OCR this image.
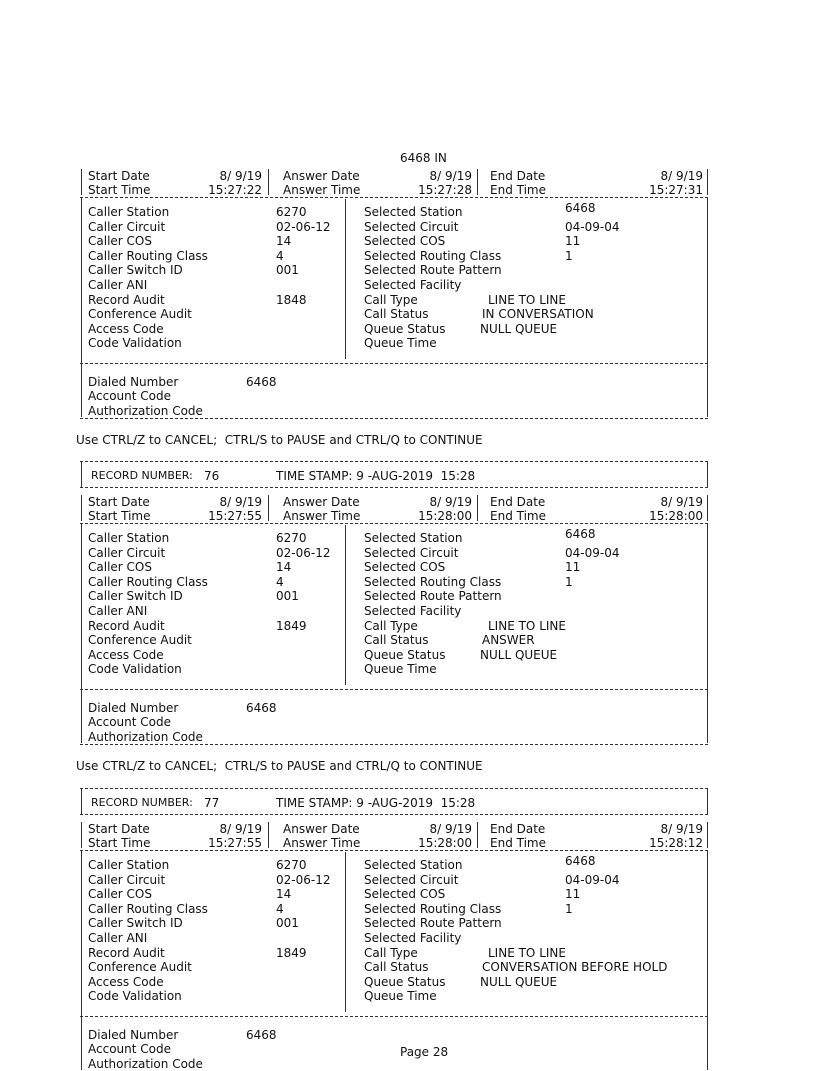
Page 28
6468 IN
Start Date	8/ 9/19 Answer Date	8/ 9/19 End Date	8/ 9/19
Start Time	15:27:22 Answer Time	15:27:28 End Time	15:27:31
Caller Station	6270
Caller Circuit	02-06-12
Caller COS	14
Caller Routing Class	4
Caller Switch ID	001
Caller ANI
Record Audit	1848
Conference Audit
Access Code
Code Validation
Selected Station	6468
Selected Circuit	04-09-04
Selected COS	11
Selected Routing Class	1
Selected Route Pattern
Selected Facility
Call Type	LINE TO LINE
Call Status	IN CONVERSATION
Queue Status	NULL QUEUE
Queue Time
Dialed Number	6468
Account Code
Authorization Code
Use CTRL/Z to CANCEL;  CTRL/S to PAUSE and CTRL/Q to CONTINUE
RECORD NUMBER: 76	TIME STAMP: 9 -AUG-2019  15:28
Start Date	8/ 9/19 Answer Date	8/ 9/19 End Date	8/ 9/19
Start Time	15:27:55 Answer Time	15:28:00 End Time	15:28:00
Caller Station	6270
Caller Circuit	02-06-12
Caller COS	14
Caller Routing Class	4
Caller Switch ID	001
Caller ANI
Record Audit	1849
Conference Audit
Access Code
Code Validation
Selected Station	6468
Selected Circuit	04-09-04
Selected COS	11
Selected Routing Class	1
Selected Route Pattern
Selected Facility
Call Type	LINE TO LINE
Call Status	ANSWER
Queue Status	NULL QUEUE
Queue Time
Dialed Number	6468
Account Code
Authorization Code
Use CTRL/Z to CANCEL;  CTRL/S to PAUSE and CTRL/Q to CONTINUE
RECORD NUMBER: 77	TIME STAMP: 9 -AUG-2019  15:28
Start Date	8/ 9/19 Answer Date	8/ 9/19 End Date	8/ 9/19
Start Time	15:27:55 Answer Time	15:28:00 End Time	15:28:12
Caller Station	6270
Caller Circuit	02-06-12
Caller COS	14
Caller Routing Class	4
Caller Switch ID	001
Caller ANI
Record Audit	1849
Conference Audit
Access Code
Code Validation
Selected Station	6468
Selected Circuit	04-09-04
Selected COS	11
Selected Routing Class	1
Selected Route Pattern
Selected Facility
Call Type	LINE TO LINE
Call Status	CONVERSATION BEFORE HOLD
Queue Status	NULL QUEUE
Queue Time
Dialed Number	6468
Account Code
Authorization Code
